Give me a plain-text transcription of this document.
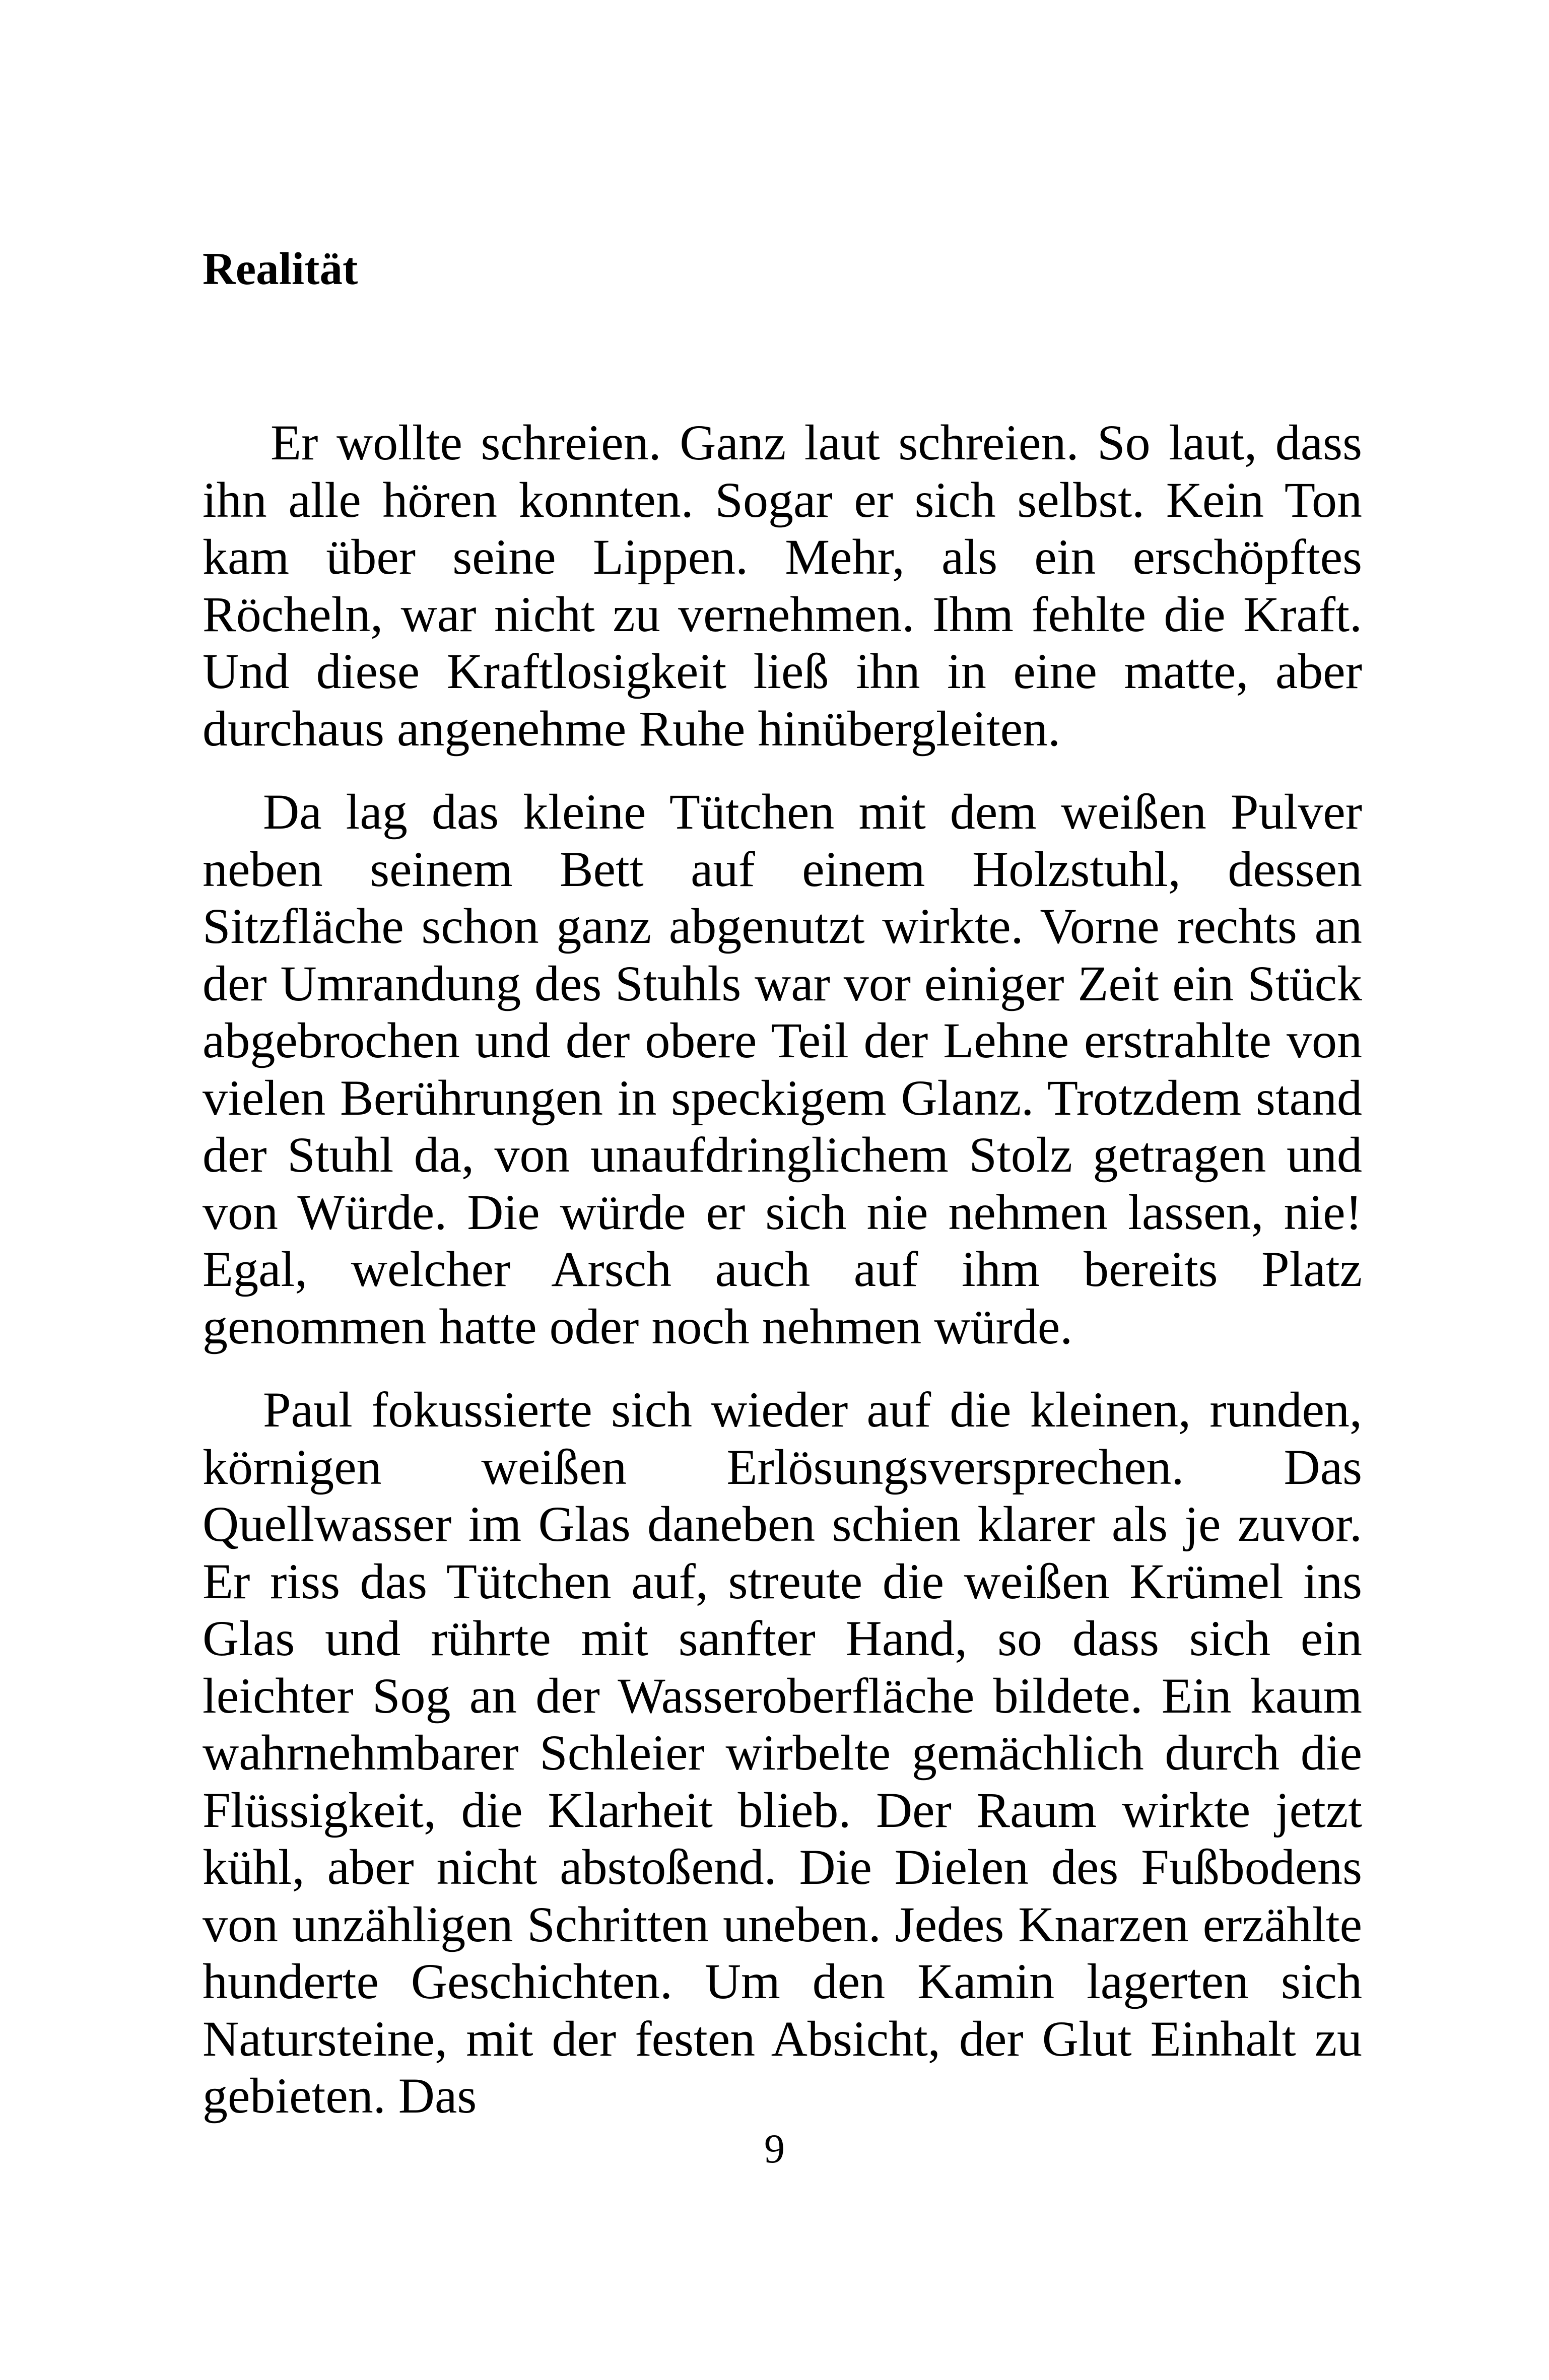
Realität

Er wollte schreien. Ganz laut schreien. So laut, dass ihn alle hören konnten. Sogar er sich selbst. Kein Ton kam über seine Lippen. Mehr, als ein erschöpftes Röcheln, war nicht zu vernehmen. Ihm fehlte die Kraft. Und diese Kraftlosigkeit ließ ihn in eine matte, aber durchaus angenehme Ruhe hinübergleiten.

Da lag das kleine Tütchen mit dem weißen Pulver neben seinem Bett auf einem Holzstuhl, dessen Sitzfläche schon ganz abgenutzt wirkte. Vorne rechts an der Umrandung des Stuhls war vor einiger Zeit ein Stück abgebrochen und der obere Teil der Lehne erstrahlte von vielen Berührungen in speckigem Glanz. Trotzdem stand der Stuhl da, von unaufdringlichem Stolz getragen und von Würde. Die würde er sich nie nehmen lassen, nie! Egal, welcher Arsch auch auf ihm bereits Platz genommen hatte oder noch nehmen würde.

Paul fokussierte sich wieder auf die kleinen, runden, körnigen weißen Erlösungsversprechen. Das Quellwasser im Glas daneben schien klarer als je zuvor. Er riss das Tütchen auf, streute die weißen Krümel ins Glas und rührte mit sanfter Hand, so dass sich ein leichter Sog an der Wasseroberfläche bildete. Ein kaum wahrnehmbarer Schleier wirbelte gemächlich durch die Flüssigkeit, die Klarheit blieb. Der Raum wirkte jetzt kühl, aber nicht abstoßend. Die Dielen des Fußbodens von unzähligen Schritten uneben. Jedes Knarzen erzählte hunderte Geschichten. Um den Kamin lagerten sich Natursteine, mit der festen Absicht, der Glut Einhalt zu gebieten. Das

9
